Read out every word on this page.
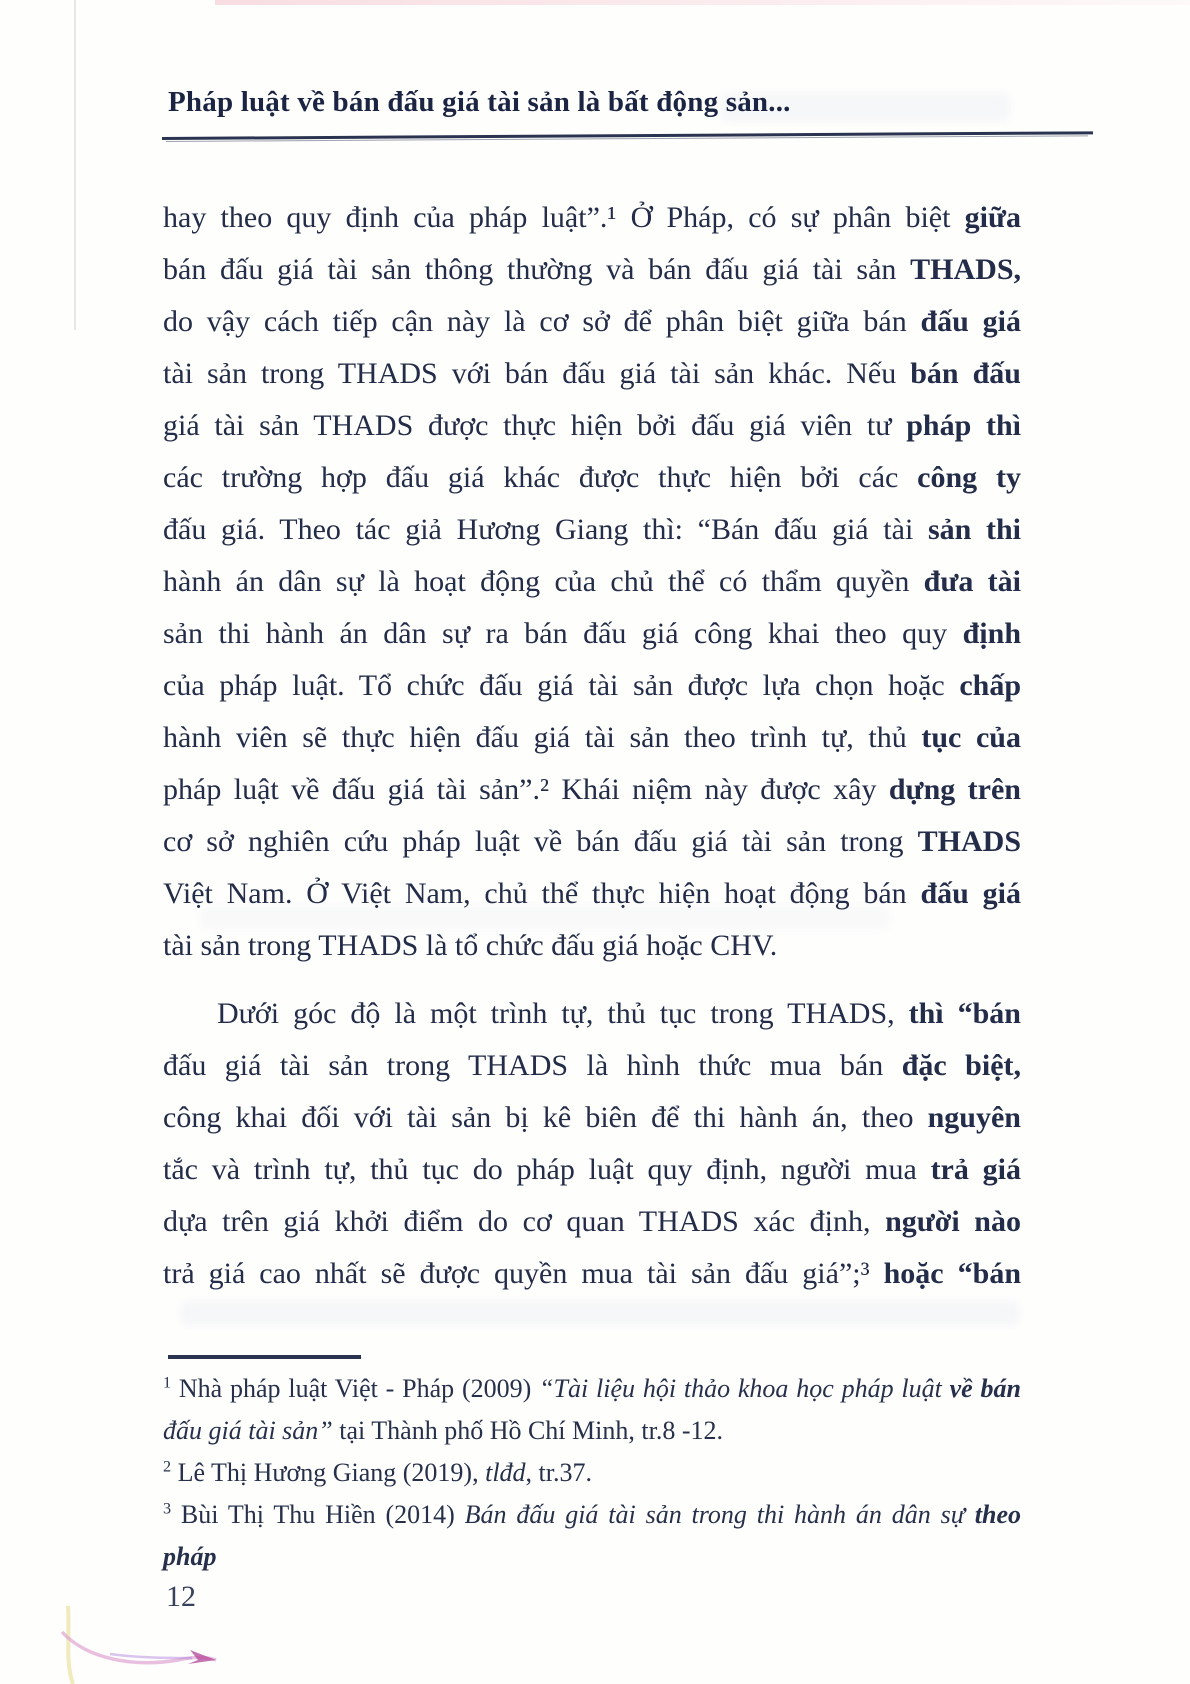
Pháp luật về bán đấu giá tài sản là bất động sản...
hay theo quy định của pháp luật”.¹ Ở Pháp, có sự phân biệt giữa
bán đấu giá tài sản thông thường và bán đấu giá tài sản THADS,
do vậy cách tiếp cận này là cơ sở để phân biệt giữa bán đấu giá
tài sản trong THADS với bán đấu giá tài sản khác. Nếu bán đấu
giá tài sản THADS được thực hiện bởi đấu giá viên tư pháp thì
các trường hợp đấu giá khác được thực hiện bởi các công ty
đấu giá. Theo tác giả Hương Giang thì: “Bán đấu giá tài sản thi
hành án dân sự là hoạt động của chủ thể có thẩm quyền đưa tài
sản thi hành án dân sự ra bán đấu giá công khai theo quy định
của pháp luật. Tổ chức đấu giá tài sản được lựa chọn hoặc chấp
hành viên sẽ thực hiện đấu giá tài sản theo trình tự, thủ tục của
pháp luật về đấu giá tài sản”.² Khái niệm này được xây dựng trên
cơ sở nghiên cứu pháp luật về bán đấu giá tài sản trong THADS
Việt Nam. Ở Việt Nam, chủ thể thực hiện hoạt động bán đấu giá
tài sản trong THADS là tổ chức đấu giá hoặc CHV.
Dưới góc độ là một trình tự, thủ tục trong THADS, thì “bán
đấu giá tài sản trong THADS là hình thức mua bán đặc biệt,
công khai đối với tài sản bị kê biên để thi hành án, theo nguyên
tắc và trình tự, thủ tục do pháp luật quy định, người mua trả giá
dựa trên giá khởi điểm do cơ quan THADS xác định, người nào
trả giá cao nhất sẽ được quyền mua tài sản đấu giá”;³ hoặc “bán
$^1$ Nhà pháp luật Việt - Pháp (2009) “Tài liệu hội thảo khoa học pháp luật về bán đấu giá tài sản” tại Thành phố Hồ Chí Minh, tr.8 -12.
$^2$ Lê Thị Hương Giang (2019), tlđd, tr.37.
$^3$ Bùi Thị Thu Hiền (2014) Bán đấu giá tài sản trong thi hành án dân sự theo pháp
12
